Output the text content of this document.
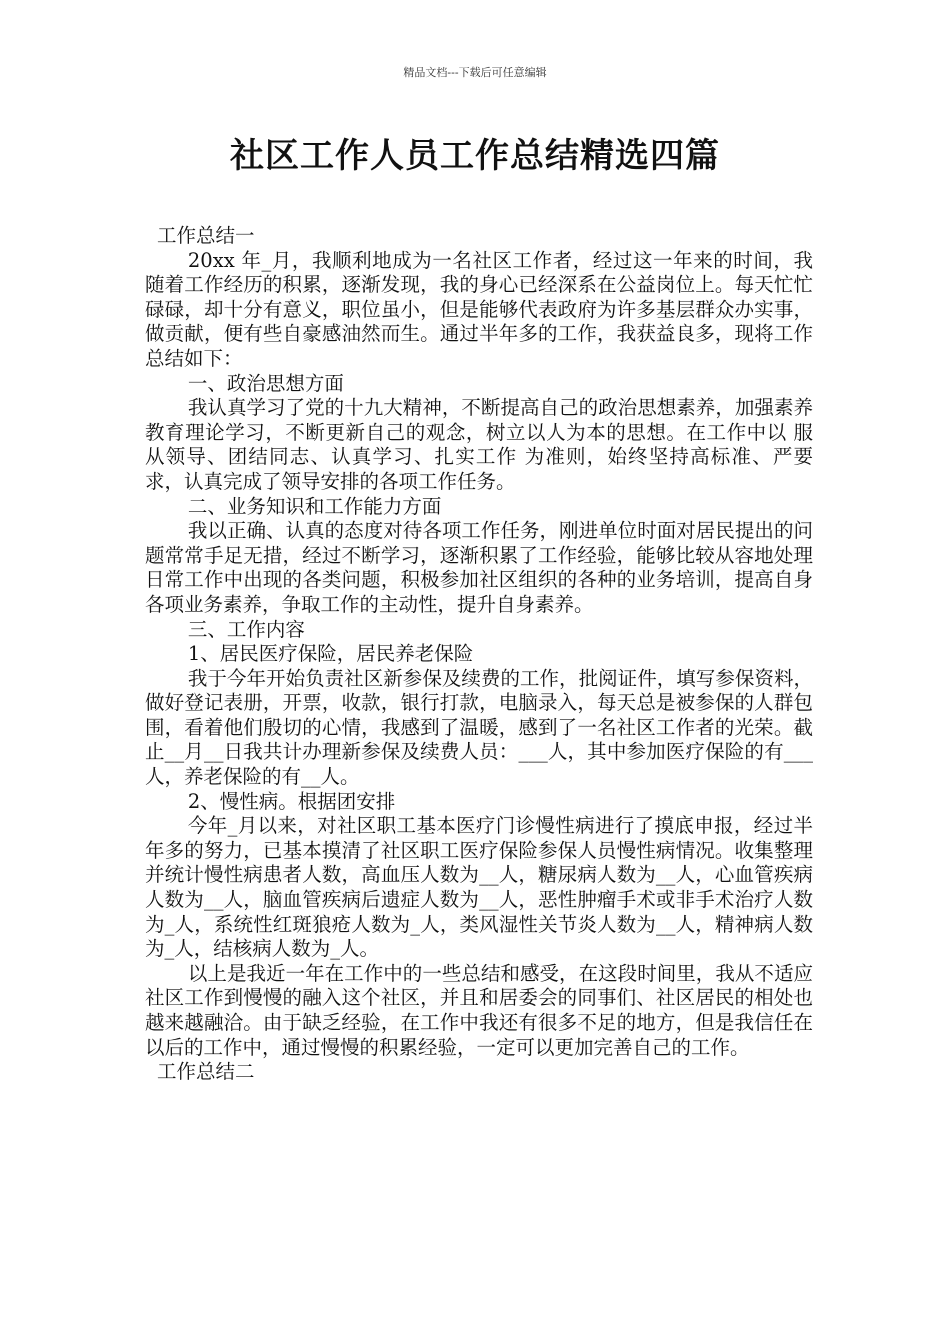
精品文档---下载后可任意编辑
社区工作人员工作总结精选四篇

工作总结一

20xx 年_月，我顺利地成为一名社区工作者，经过这一年来的时间，我随着工作经历的积累，逐渐发现，我的身心已经深系在公益岗位上。每天忙忙碌碌，却十分有意义，职位虽小，但是能够代表政府为许多基层群众办实事，做贡献，便有些自豪感油然而生。通过半年多的工作，我获益良多，现将工作总结如下：

一、政治思想方面

我认真学习了党的十九大精神，不断提高自己的政治思想素养，加强素养教育理论学习，不断更新自己的观念，树立以人为本的思想。在工作中以 服从领导、团结同志、认真学习、扎实工作 为准则，始终坚持高标准、严要求，认真完成了领导安排的各项工作任务。

二、业务知识和工作能力方面

我以正确、认真的态度对待各项工作任务，刚进单位时面对居民提出的问题常常手足无措，经过不断学习，逐渐积累了工作经验，能够比较从容地处理日常工作中出现的各类问题，积极参加社区组织的各种的业务培训，提高自身各项业务素养，争取工作的主动性，提升自身素养。

三、工作内容

1、居民医疗保险，居民养老保险

我于今年开始负责社区新参保及续费的工作，批阅证件，填写参保资料，做好登记表册，开票，收款，银行打款，电脑录入，每天总是被参保的人群包围，看着他们殷切的心情，我感到了温暖，感到了一名社区工作者的光荣。截止__月__日我共计办理新参保及续费人员：___人，其中参加医疗保险的有___人，养老保险的有__人。

2、慢性病。根据团安排

今年_月以来，对社区职工基本医疗门诊慢性病进行了摸底申报，经过半年多的努力，已基本摸清了社区职工医疗保险参保人员慢性病情况。收集整理并统计慢性病患者人数，高血压人数为__人，糖尿病人数为__人，心血管疾病人数为__人，脑血管疾病后遗症人数为__人，恶性肿瘤手术或非手术治疗人数为_人，系统性红斑狼疮人数为_人，类风湿性关节炎人数为__人，精神病人数为_人，结核病人数为_人。

以上是我近一年在工作中的一些总结和感受，在这段时间里，我从不适应社区工作到慢慢的融入这个社区，并且和居委会的同事们、社区居民的相处也越来越融洽。由于缺乏经验，在工作中我还有很多不足的地方，但是我信任在以后的工作中，通过慢慢的积累经验，一定可以更加完善自己的工作。

工作总结二
